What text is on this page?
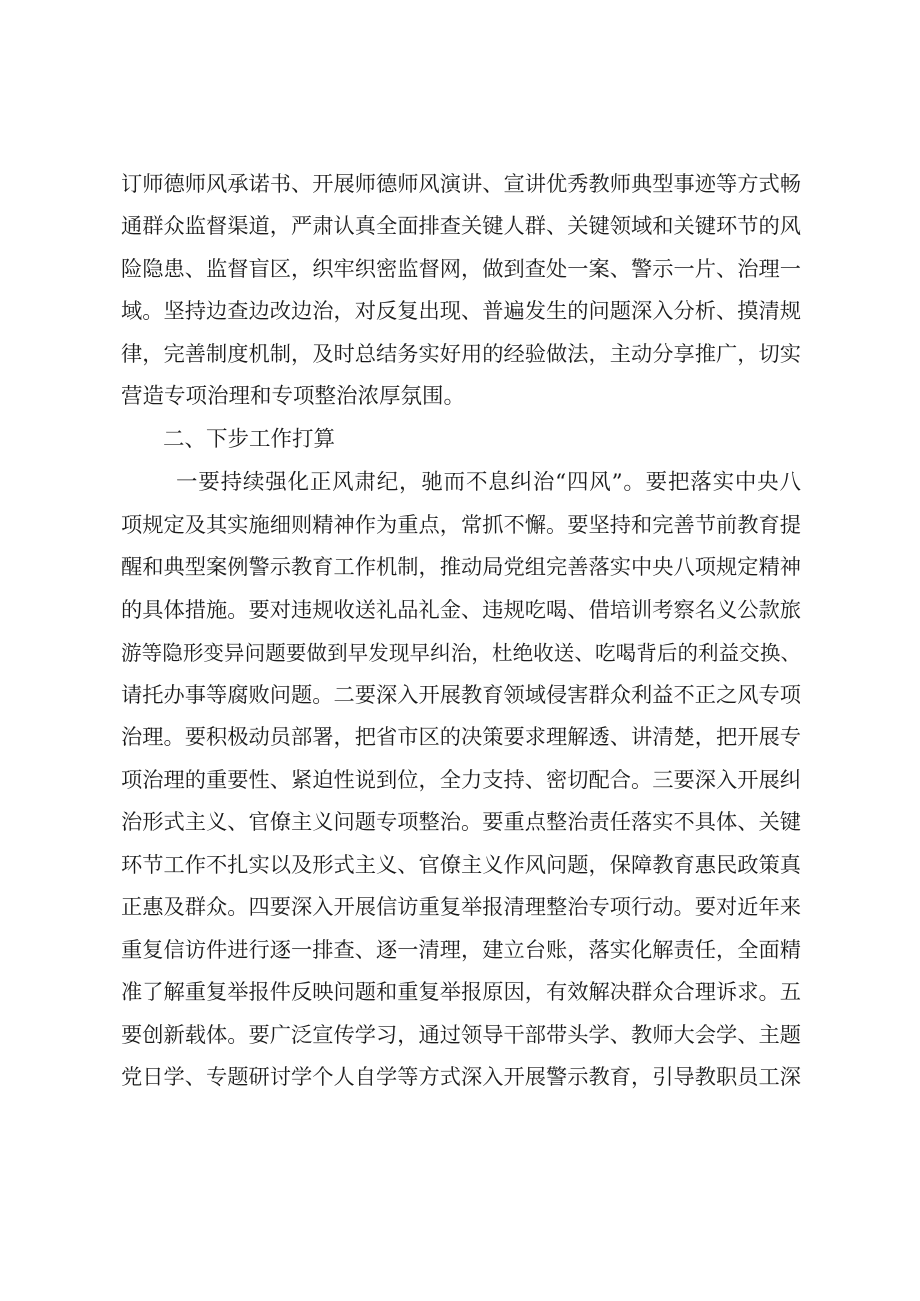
订师德师风承诺书、开展师德师风演讲、宣讲优秀教师典型事迹等方式畅
通群众监督渠道，严肃认真全面排查关键人群、关键领域和关键环节的风
险隐患、监督盲区，织牢织密监督网，做到查处一案、警示一片、治理一
域。坚持边查边改边治，对反复出现、普遍发生的问题深入分析、摸清规
律，完善制度机制，及时总结务实好用的经验做法，主动分享推广，切实
营造专项治理和专项整治浓厚氛围。
二、下步工作打算
一要持续强化正风肃纪，驰而不息纠治“四风”。要把落实中央八
项规定及其实施细则精神作为重点，常抓不懈。要坚持和完善节前教育提
醒和典型案例警示教育工作机制，推动局党组完善落实中央八项规定精神
的具体措施。要对违规收送礼品礼金、违规吃喝、借培训考察名义公款旅
游等隐形变异问题要做到早发现早纠治，杜绝收送、吃喝背后的利益交换、
请托办事等腐败问题。二要深入开展教育领域侵害群众利益不正之风专项
治理。要积极动员部署，把省市区的决策要求理解透、讲清楚，把开展专
项治理的重要性、紧迫性说到位，全力支持、密切配合。三要深入开展纠
治形式主义、官僚主义问题专项整治。要重点整治责任落实不具体、关键
环节工作不扎实以及形式主义、官僚主义作风问题，保障教育惠民政策真
正惠及群众。四要深入开展信访重复举报清理整治专项行动。要对近年来
重复信访件进行逐一排查、逐一清理，建立台账，落实化解责任，全面精
准了解重复举报件反映问题和重复举报原因，有效解决群众合理诉求。五
要创新载体。要广泛宣传学习，通过领导干部带头学、教师大会学、主题
党日学、专题研讨学个人自学等方式深入开展警示教育，引导教职员工深
